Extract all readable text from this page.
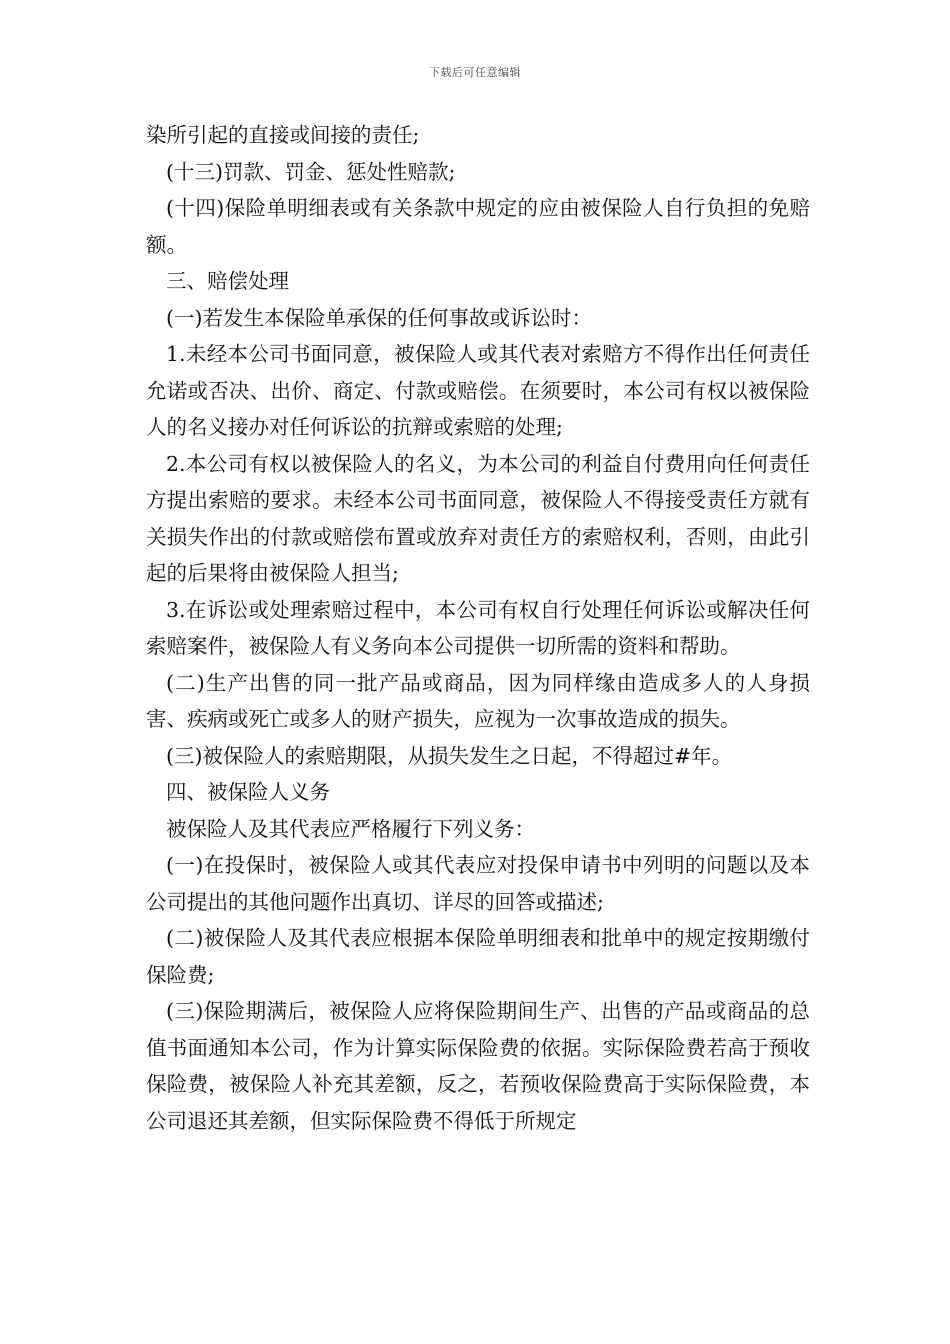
下载后可任意编辑

染所引起的直接或间接的责任;

(十三)罚款、罚金、惩处性赔款;

(十四)保险单明细表或有关条款中规定的应由被保险人自行负担的免赔额。

三、赔偿处理

(一)若发生本保险单承保的任何事故或诉讼时：

1.未经本公司书面同意，被保险人或其代表对索赔方不得作出任何责任允诺或否决、出价、商定、付款或赔偿。在须要时，本公司有权以被保险人的名义接办对任何诉讼的抗辩或索赔的处理;

2.本公司有权以被保险人的名义，为本公司的利益自付费用向任何责任方提出索赔的要求。未经本公司书面同意，被保险人不得接受责任方就有关损失作出的付款或赔偿布置或放弃对责任方的索赔权利，否则，由此引起的后果将由被保险人担当;

3.在诉讼或处理索赔过程中，本公司有权自行处理任何诉讼或解决任何索赔案件，被保险人有义务向本公司提供一切所需的资料和帮助。

(二)生产出售的同一批产品或商品，因为同样缘由造成多人的人身损害、疾病或死亡或多人的财产损失，应视为一次事故造成的损失。

(三)被保险人的索赔期限，从损失发生之日起，不得超过#年。

四、被保险人义务

被保险人及其代表应严格履行下列义务：

(一)在投保时，被保险人或其代表应对投保申请书中列明的问题以及本公司提出的其他问题作出真切、详尽的回答或描述;

(二)被保险人及其代表应根据本保险单明细表和批单中的规定按期缴付保险费;

(三)保险期满后，被保险人应将保险期间生产、出售的产品或商品的总值书面通知本公司，作为计算实际保险费的依据。实际保险费若高于预收保险费，被保险人补充其差额，反之，若预收保险费高于实际保险费，本公司退还其差额，但实际保险费不得低于所规定
